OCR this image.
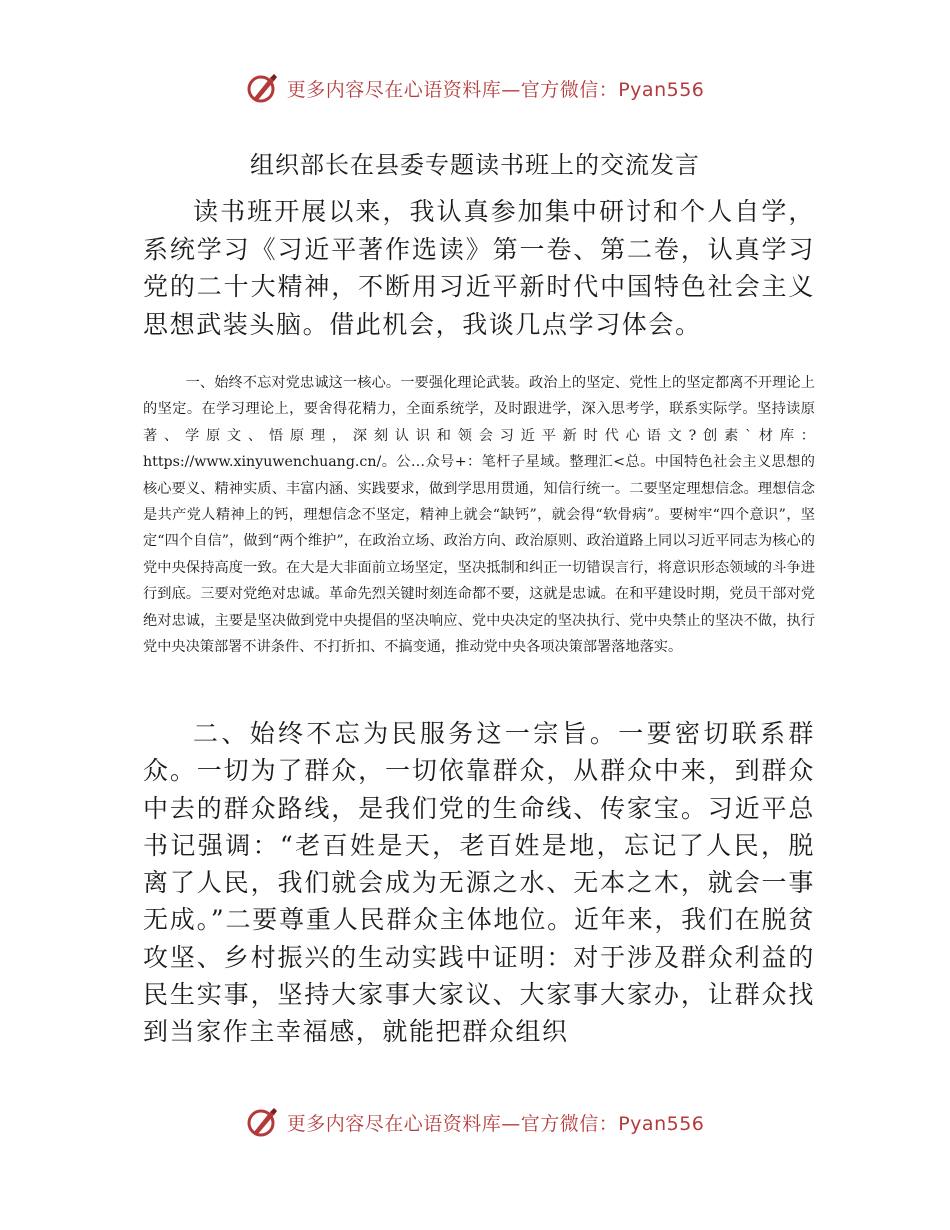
更多内容尽在心语资料库—官方微信：Pyan556
组织部长在县委专题读书班上的交流发言

读书班开展以来，我认真参加集中研讨和个人自学，系统学习《习近平著作选读》第一卷、第二卷，认真学习党的二十大精神，不断用习近平新时代中国特色社会主义思想武装头脑。借此机会，我谈几点学习体会。

一、始终不忘对党忠诚这一核心。一要强化理论武装。政治上的坚定、党性上的坚定都离不开理论上的坚定。在学习理论上，要舍得花精力，全面系统学，及时跟进学，深入思考学，联系实际学。坚持读原著、学原文、悟原理，深刻认识和领会习近平新时代心语文?创素`材库：https://www.xinyuwenchuang.cn/。公…众号+：笔杆子星域。整理汇<总。中国特色社会主义思想的核心要义、精神实质、丰富内涵、实践要求，做到学思用贯通，知信行统一。二要坚定理想信念。理想信念是共产党人精神上的钙，理想信念不坚定，精神上就会“缺钙”，就会得“软骨病”。要树牢“四个意识”，坚定“四个自信”，做到“两个维护”，在政治立场、政治方向、政治原则、政治道路上同以习近平同志为核心的党中央保持高度一致。在大是大非面前立场坚定，坚决抵制和纠正一切错误言行，将意识形态领域的斗争进行到底。三要对党绝对忠诚。革命先烈关键时刻连命都不要，这就是忠诚。在和平建设时期，党员干部对党绝对忠诚，主要是坚决做到党中央提倡的坚决响应、党中央决定的坚决执行、党中央禁止的坚决不做，执行党中央决策部署不讲条件、不打折扣、不搞变通，推动党中央各项决策部署落地落实。

二、始终不忘为民服务这一宗旨。一要密切联系群众。一切为了群众，一切依靠群众，从群众中来，到群众中去的群众路线，是我们党的生命线、传家宝。习近平总书记强调：“老百姓是天，老百姓是地，忘记了人民，脱离了人民，我们就会成为无源之水、无本之木，就会一事无成。”二要尊重人民群众主体地位。近年来，我们在脱贫攻坚、乡村振兴的生动实践中证明：对于涉及群众利益的民生实事，坚持大家事大家议、大家事大家办，让群众找到当家作主幸福感，就能把群众组织

更多内容尽在心语资料库—官方微信：Pyan556
